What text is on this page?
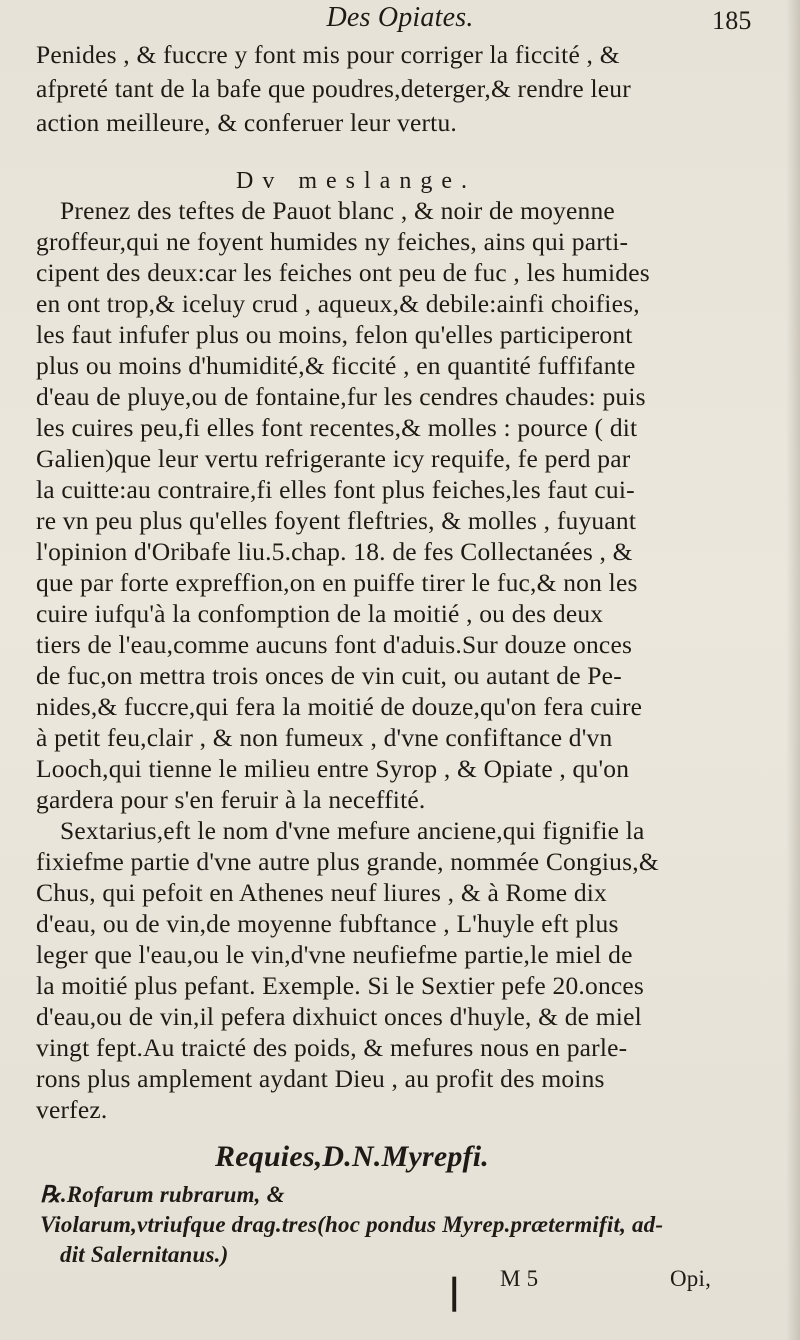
Des Opiates.	185
Penides , & fuccre y font mis pour corriger la ficcité , &
afpreté tant de la bafe que poudres,deterger,& rendre leur
action meilleure, & conferuer leur vertu.
Dv meslange.
Prenez des teftes de Pauot blanc , & noir de moyenne
groffeur,qui ne foyent humides ny feiches, ains qui parti-
cipent des deux:car les feiches ont peu de fuc , les humides
en ont trop,& iceluy crud , aqueux,& debile:ainfi choifies,
les faut infufer plus ou moins, felon qu'elles participeront
plus ou moins d'humidité,& ficcité , en quantité fuffifante
d'eau de pluye,ou de fontaine,fur les cendres chaudes: puis
les cuires peu,fi elles font recentes,& molles : pource ( dit
Galien)que leur vertu refrigerante icy requife, fe perd par
la cuitte:au contraire,fi elles font plus feiches,les faut cui-
re vn peu plus qu'elles foyent fleftries, & molles , fuyuant
l'opinion d'Oribafe liu.5.chap. 18. de fes Collectanées , &
que par forte expreffion,on en puiffe tirer le fuc,& non les
cuire iufqu'à la confomption de la moitié , ou des deux
tiers de l'eau,comme aucuns font d'aduis.Sur douze onces
de fuc,on mettra trois onces de vin cuit, ou autant de Pe-
nides,& fuccre,qui fera la moitié de douze,qu'on fera cuire
à petit feu,clair , & non fumeux , d'vne confiftance d'vn
Looch,qui tienne le milieu entre Syrop , & Opiate , qu'on
gardera pour s'en feruir à la neceffité.
Sextarius,eft le nom d'vne mefure anciene,qui fignifie la
fixiefme partie d'vne autre plus grande, nommée Congius,&
Chus, qui pefoit en Athenes neuf liures , & à Rome dix
d'eau, ou de vin,de moyenne fubftance , L'huyle eft plus
leger que l'eau,ou le vin,d'vne neufiefme partie,le miel de
la moitié plus pefant. Exemple. Si le Sextier pefe 20.onces
d'eau,ou de vin,il pefera dixhuict onces d'huyle, & de miel
vingt fept.Au traicté des poids, & mefures nous en parle-
rons plus amplement aydant Dieu , au profit des moins
verfez.
Requies,D.N.Myrepfi.
℞.Rofarum rubrarum, &
Violarum,vtriufque drag.tres(hoc pondus Myrep.prætermifit, ad-
dit Salernitanus.)
M 5	Opi,
❘
